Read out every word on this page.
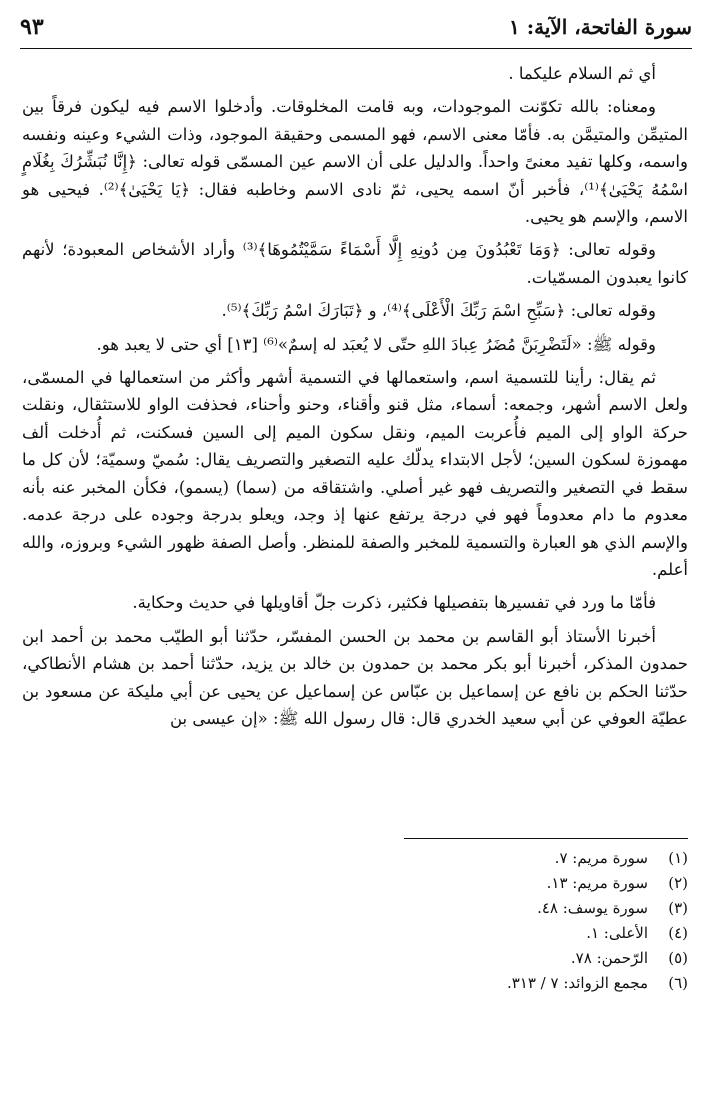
٩٣	سورة الفاتحة، الآية: ١

أي ثم السلام عليكما .

ومعناه: بالله تكوّنت الموجودات، وبه قامت المخلوقات. وأدخلوا الاسم فيه ليكون فرقاً بين المتيمِّن والمتيمَّن به. فأمّا معنى الاسم، فهو المسمى وحقيقة الموجود، وذات الشيء وعينه ونفسه واسمه، وكلها تفيد معنىً واحداً. والدليل على أن الاسم عين المسمّى قوله تعالى: ﴿إِنَّا نُبَشِّرُكَ بِغُلَامٍ اسْمُهُ يَحْيَىٰ﴾⁽¹⁾، فأخبر أنّ اسمه يحيى، ثمّ نادى الاسم وخاطبه فقال: ﴿يَا يَحْيَىٰ﴾⁽²⁾. فيحيى هو الاسم، والإسم هو يحيى.

وقوله تعالى: ﴿وَمَا تَعْبُدُونَ مِن دُونِهِ إِلَّا أَسْمَاءً سَمَّيْتُمُوهَا﴾⁽³⁾ وأراد الأشخاص المعبودة؛ لأنهم كانوا يعبدون المسمّيات.

وقوله تعالى: ﴿سَبِّحِ اسْمَ رَبِّكَ الْأَعْلَى﴾⁽⁴⁾، و ﴿تَبَارَكَ اسْمُ رَبِّكَ﴾⁽⁵⁾.

وقوله ﷺ: «لَتَضْرِبَنَّ مُضَرُ عِبادَ اللهِ حتّى لا يُعبَد له إسمٌ»⁽⁶⁾ [١٣] أي حتى لا يعبد هو.

ثم يقال: رأينا للتسمية اسم، واستعمالها في التسمية أشهر وأكثر من استعمالها في المسمّى، ولعل الاسم أشهر، وجمعه: أسماء، مثل قنو وأقناء، وحنو وأحناء، فحذفت الواو للاستثقال، ونقلت حركة الواو إلى الميم فأُعربت الميم، ونقل سكون الميم إلى السين فسكنت، ثم أُدخلت ألف مهموزة لسكون السين؛ لأجل الابتداء يدلّك عليه التصغير والتصريف يقال: سُميّ وسميّة؛ لأن كل ما سقط في التصغير والتصريف فهو غير أصلي. واشتقاقه من (سما) (يسمو)، فكأن المخبر عنه بأنه معدوم ما دام معدوماً فهو في درجة يرتفع عنها إذ وجد، ويعلو بدرجة وجوده على درجة عدمه. والإسم الذي هو العبارة والتسمية للمخبر والصفة للمنظر. وأصل الصفة ظهور الشيء وبروزه، والله أعلم.

فأمّا ما ورد في تفسيرها بتفصيلها فكثير، ذكرت جلّ أقاويلها في حديث وحكاية.

أخبرنا الأستاذ أبو القاسم بن محمد بن الحسن المفسّر، حدّثنا أبو الطيّب محمد بن أحمد ابن حمدون المذكر، أخبرنا أبو بكر محمد بن حمدون بن خالد بن يزيد، حدّثنا أحمد بن هشام الأنطاكي، حدّثنا الحكم بن نافع عن إسماعيل بن عبّاس عن إسماعيل عن يحيى عن أبي مليكة عن مسعود بن عطيّة العوفي عن أبي سعيد الخدري قال: قال رسول الله ﷺ: «إن عيسى بن

(١)
سورة مريم: ٧.
(٢)
سورة مريم: ١٣.
(٣)
سورة يوسف: ٤٨.
(٤)
الأعلى: ١.
(٥)
الرّحمن: ٧٨.
(٦)
مجمع الزوائد: ٧ / ٣١٣.
